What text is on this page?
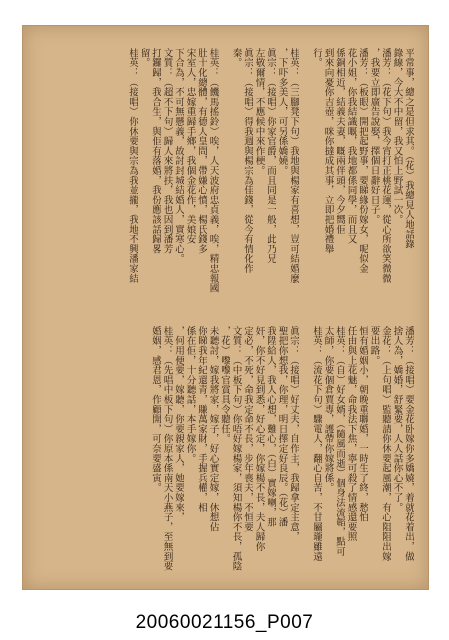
平常事，總之是但求其。（花）我總見人地話錄
錄線，今大不中留，我又怕上野試一次。
潘芳：（花下句）我今宵打正桃花運，從心所欲笑微微
，我要立即廣告說娶，擇個日辭好日子。
潘芳：（板眼）開把起野事，要睇緣份嫁女，呢似金
花小姐，你我結識嘅，我地都係同學，而且又
係銅相近，結義夫妻，嘅兩伴頭，今夕嚮佢
到來向憂你吉壺，咪你撻成其事，立即把婚禮舉
行。
桂英：（三腳凳下句）我地與楊家有喜想，豈可結婚麼
，下吓多美人，可另係嬌嬈。
眞宗：（接唱）你家官爵，而且同是一般，此乃兄
左敬爾情，不應候中來作梗。
眞宗：（接唱）得我週與楊宗為佳錢，從今有情化作
秦。
桂英：（饑馬搖鈴）唉，人天波府忠貞義，唉，精忠報國
肚十化總體，有德人皇問，帶嫌心憤，楊氏錢多
宋室人，忠嫁重歸手鄉，我個金花作，美娘安
下合為，不可無懸義，故討封城結婚人，實寒心。
文質：（超不下句）歸人來將扶，我也因到潘芳
打鑼歸，我合生，與佢有落婚，我份應該話歸畧
留。
桂英：（接唱）你休要與宗為我並攏，我地不興潘家結
潘芳：（接唱）要金花卧嫁你多嬌嬈，着就花着出，做
捨人為，嬌婚，舒緊要，人人話你心不了。
金花：（上句唱）監聽請你休要起風潮，有心阻阻出嫁
要出路。
恒有婚姻小，朝晚重聯婚，一時生了終，愁怕
任由與上花魅，命我法下焦，寧可殺了情感還要照
桂英：（自）好女婿，（隨風而逝）個身法流韜，點可
太師，你要個倉賈專，護帶你嫁將係。
桂英：（流花下句）驟電人，翻心自苦，不甘屬瓏雖遠
眞宗：（接唱）好丈夫，自作主，我歸拿定主意，
聖把你想我，你理，明日擇定好良辰。（花）潘
我陞給人，我人心想，難心，（白）實嫁喇，那
奸，你不好見到悉，好心定，你嫁楊不長，夫人歸你
定必，不死，命我定命不長，步年喪夫，不恒要
文質：（中板下句）你唔好嫁楊家，須知楊你不長，孤陰
，花）嚟嚟官賞具令聽任。
未聽討，嫁我將家，嫁子，好心實定嫁，休想佔
你睇我年紀還青，賺萬家財，手握兵權，相
係在佢，十分聽話，本手嫁你。
，何用便要，嫁聽，你要親家人，她要嫁來，
桂英：（先唱中板下句）你原本係南天小燕子，至無到要
婚姻，感君恩，作顧開，可奈要盛寅。
20060021156_P007
